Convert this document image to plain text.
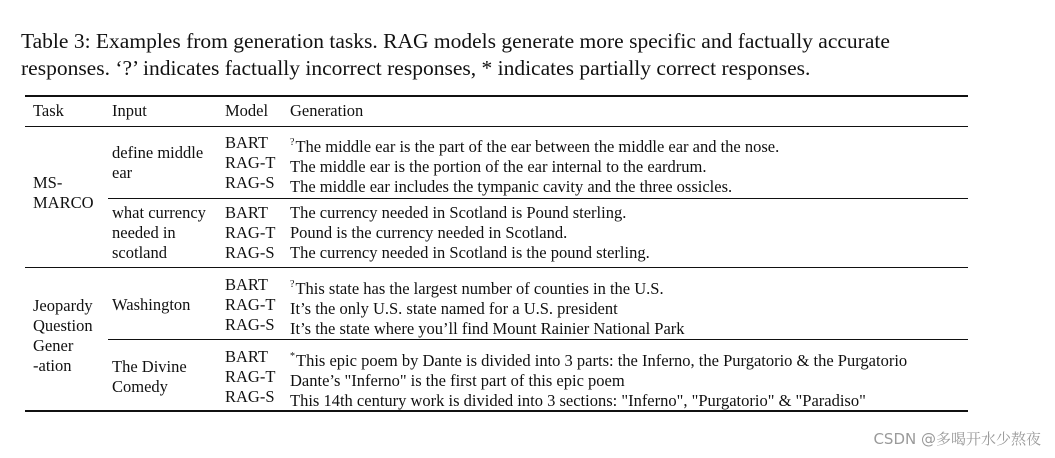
Table 3: Examples from generation tasks. RAG models generate more specific and factually accurate
responses. ‘?’ indicates factually incorrect responses, * indicates partially correct responses.

Task	Input	Model Generation
MS-
MARCO
define middle
ear
BART
RAG-T
RAG-S
?The middle ear is the part of the ear between the middle ear and the nose.
The middle ear is the portion of the ear internal to the eardrum.
The middle ear includes the tympanic cavity and the three ossicles.
what currency
needed in
scotland
BART
RAG-T
RAG-S
The currency needed in Scotland is Pound sterling.
Pound is the currency needed in Scotland.
The currency needed in Scotland is the pound sterling.
Jeopardy
Question
Gener
-ation
Washington
BART
RAG-T
RAG-S
?This state has the largest number of counties in the U.S.
It’s the only U.S. state named for a U.S. president
It’s the state where you’ll find Mount Rainier National Park
The Divine
Comedy
BART
RAG-T
RAG-S
*This epic poem by Dante is divided into 3 parts: the Inferno, the Purgatorio & the Purgatorio
Dante’s "Inferno" is the first part of this epic poem
This 14th century work is divided into 3 sections: "Inferno", "Purgatorio" & "Paradiso"
CSDN @多喝开水少熬夜
